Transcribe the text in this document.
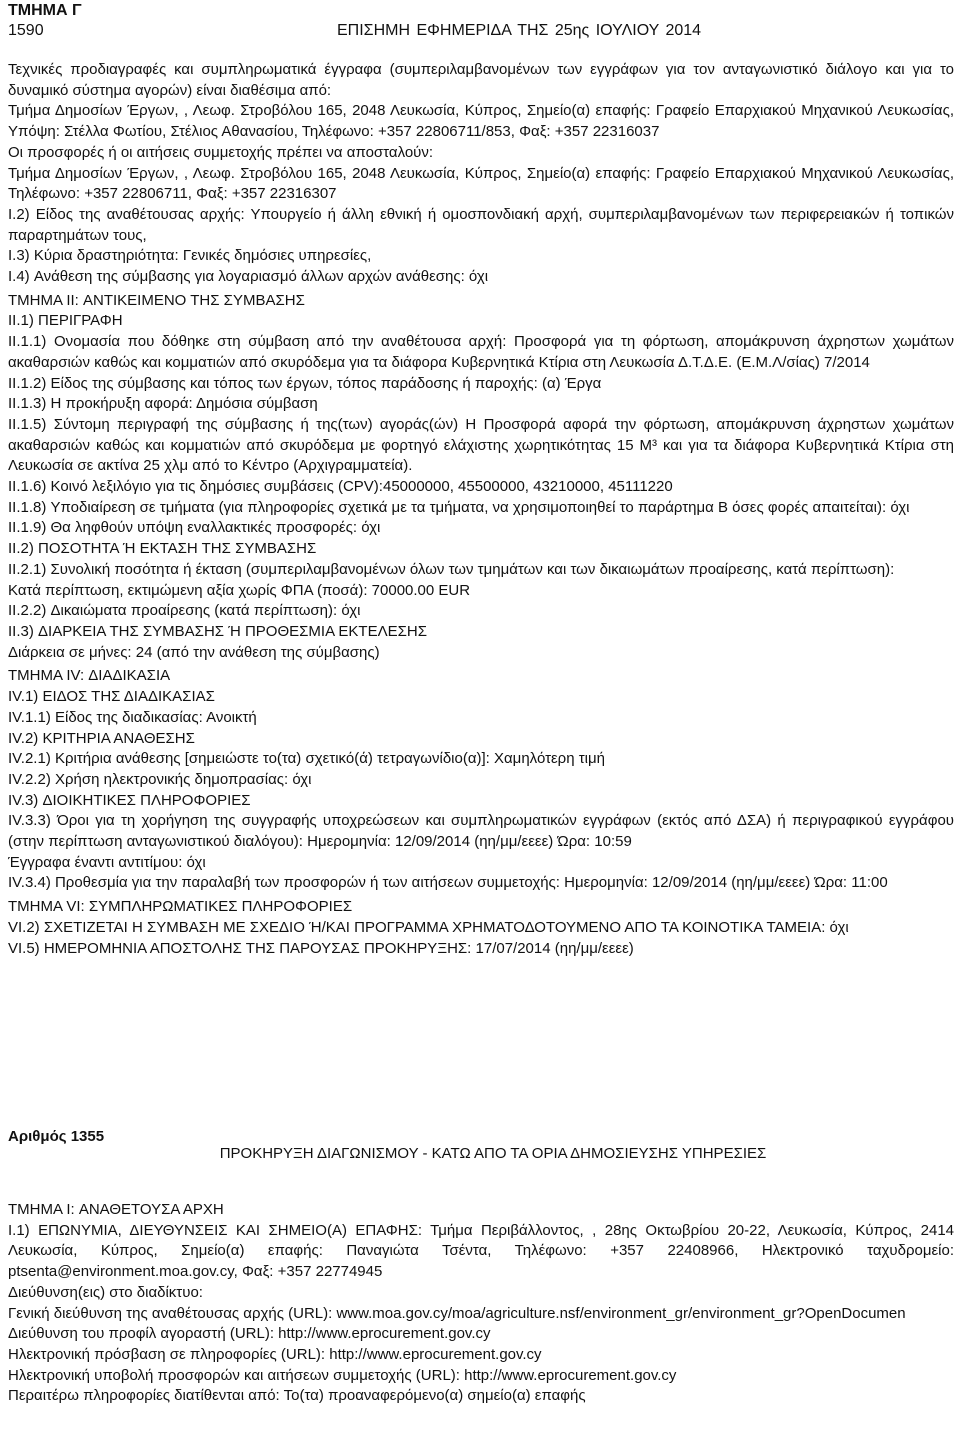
ΤΜΗΜΑ Γ
1590	ΕΠΙΣΗΜΗ ΕΦΗΜΕΡΙΔΑ ΤΗΣ 25ης ΙΟΥΛΙΟΥ 2014

Τεχνικές προδιαγραφές και συμπληρωματικά έγγραφα (συμπεριλαμβανομένων των εγγράφων για τον ανταγωνιστικό διάλογο και για το δυναμικό σύστημα αγορών) είναι διαθέσιμα από:

Τμήμα Δημοσίων Έργων, , Λεωφ. Στροβόλου 165, 2048 Λευκωσία, Κύπρος, Σημείο(α) επαφής: Γραφείο Επαρχιακού Μηχανικού Λευκωσίας, Υπόψη: Στέλλα Φωτίου, Στέλιος Αθανασίου, Τηλέφωνο: +357 22806711/853, Φαξ: +357 22316037

Οι προσφορές ή οι αιτήσεις συμμετοχής πρέπει να αποσταλούν:

Τμήμα Δημοσίων Έργων, , Λεωφ. Στροβόλου 165, 2048 Λευκωσία, Κύπρος, Σημείο(α) επαφής: Γραφείο Επαρχιακού Μηχανικού Λευκωσίας, Τηλέφωνο: +357 22806711, Φαξ: +357 22316307

I.2) Είδος της αναθέτουσας αρχής: Υπουργείο ή άλλη εθνική ή ομοσπονδιακή αρχή, συμπεριλαμβανομένων των περιφερειακών ή τοπικών παραρτημάτων τους,

I.3) Κύρια δραστηριότητα: Γενικές δημόσιες υπηρεσίες,

I.4) Ανάθεση της σύμβασης για λογαριασμό άλλων αρχών ανάθεσης: όχι

ΤΜΗΜΑ II: ΑΝΤΙΚΕΙΜΕΝΟ ΤΗΣ ΣΥΜΒΑΣΗΣ

II.1) ΠΕΡΙΓΡΑΦΗ

II.1.1) Ονομασία που δόθηκε στη σύμβαση από την αναθέτουσα αρχή: Προσφορά για τη φόρτωση, απομάκρυνση άχρηστων χωμάτων ακαθαρσιών καθώς και κομματιών από σκυρόδεμα για τα διάφορα Κυβερνητικά Κτίρια στη Λευκωσία Δ.Τ.Δ.Ε. (Ε.Μ.Λ/σίας) 7/2014

II.1.2) Είδος της σύμβασης και τόπος των έργων, τόπος παράδοσης ή παροχής: (α) Έργα

II.1.3) Η προκήρυξη αφορά: Δημόσια σύμβαση

II.1.5) Σύντομη περιγραφή της σύμβασης ή της(των) αγοράς(ών) Η Προσφορά αφορά την φόρτωση, απομάκρυνση άχρηστων χωμάτων ακαθαρσιών καθώς και κομματιών από σκυρόδεμα με φορτηγό ελάχιστης χωρητικότητας 15 M³ και για τα διάφορα Κυβερνητικά Κτίρια στη Λευκωσία σε ακτίνα 25 χλμ από το Κέντρο (Αρχιγραμματεία).

II.1.6) Κοινό λεξιλόγιο για τις δημόσιες συμβάσεις (CPV):45000000, 45500000, 43210000, 45111220

II.1.8) Υποδιαίρεση σε τμήματα (για πληροφορίες σχετικά με τα τμήματα, να χρησιμοποιηθεί το παράρτημα Β όσες φορές απαιτείται): όχι

II.1.9) Θα ληφθούν υπόψη εναλλακτικές προσφορές: όχι

II.2) ΠΟΣΟΤΗΤΑ Ή ΕΚΤΑΣΗ ΤΗΣ ΣΥΜΒΑΣΗΣ

II.2.1) Συνολική ποσότητα ή έκταση (συμπεριλαμβανομένων όλων των τμημάτων και των δικαιωμάτων προαίρεσης, κατά περίπτωση):

Κατά περίπτωση, εκτιμώμενη αξία χωρίς ΦΠΑ (ποσά): 70000.00 EUR

II.2.2) Δικαιώματα προαίρεσης (κατά περίπτωση): όχι

II.3) ΔΙΑΡΚΕΙΑ ΤΗΣ ΣΥΜΒΑΣΗΣ Ή ΠΡΟΘΕΣΜΙΑ ΕΚΤΕΛΕΣΗΣ

Διάρκεια σε μήνες: 24 (από την ανάθεση της σύμβασης)

ΤΜΗΜΑ IV: ΔΙΑΔΙΚΑΣΙΑ

IV.1) ΕΙΔΟΣ ΤΗΣ ΔΙΑΔΙΚΑΣΙΑΣ

IV.1.1) Είδος της διαδικασίας: Ανοικτή

IV.2) ΚΡΙΤΗΡΙΑ ΑΝΑΘΕΣΗΣ

IV.2.1) Κριτήρια ανάθεσης [σημειώστε το(τα) σχετικό(ά) τετραγωνίδιο(α)]: Χαμηλότερη τιμή

IV.2.2) Χρήση ηλεκτρονικής δημοπρασίας: όχι

IV.3) ΔΙΟΙΚΗΤΙΚΕΣ ΠΛΗΡΟΦΟΡΙΕΣ

IV.3.3) Όροι για τη χορήγηση της συγγραφής υποχρεώσεων και συμπληρωματικών εγγράφων (εκτός από ΔΣΑ) ή περιγραφικού εγγράφου (στην περίπτωση ανταγωνιστικού διαλόγου): Ημερομηνία: 12/09/2014 (ηη/μμ/εεεε) Ώρα: 10:59

Έγγραφα έναντι αντιτίμου: όχι

IV.3.4) Προθεσμία για την παραλαβή των προσφορών ή των αιτήσεων συμμετοχής: Ημερομηνία: 12/09/2014 (ηη/μμ/εεεε) Ώρα: 11:00

ΤΜΗΜΑ VI: ΣΥΜΠΛΗΡΩΜΑΤΙΚΕΣ ΠΛΗΡΟΦΟΡΙΕΣ

VI.2) ΣΧΕΤΙΖΕΤΑΙ Η ΣΥΜΒΑΣΗ ΜΕ ΣΧΕΔΙΟ Ή/ΚΑΙ ΠΡΟΓΡΑΜΜΑ ΧΡΗΜΑΤΟΔΟΤΟΥΜΕΝΟ ΑΠΟ ΤΑ ΚΟΙΝΟΤΙΚΑ ΤΑΜΕΙΑ: όχι

VI.5) ΗΜΕΡΟΜΗΝΙΑ ΑΠΟΣΤΟΛΗΣ ΤΗΣ ΠΑΡΟΥΣΑΣ ΠΡΟΚΗΡΥΞΗΣ: 17/07/2014 (ηη/μμ/εεεε)

Αριθμός 1355
ΠΡΟΚΗΡΥΞΗ ΔΙΑΓΩΝΙΣΜΟΥ - ΚΑΤΩ ΑΠΟ ΤΑ ΟΡΙΑ ΔΗΜΟΣΙΕΥΣΗΣ ΥΠΗΡΕΣΙΕΣ

ΤΜΗΜΑ I: ΑΝΑΘΕΤΟΥΣΑ ΑΡΧΗ

I.1) ΕΠΩΝΥΜΙΑ, ΔΙΕΥΘΥΝΣΕΙΣ ΚΑΙ ΣΗΜΕΙΟ(Α) ΕΠΑΦΗΣ: Τμήμα Περιβάλλοντος, , 28ης Οκτωβρίου 20-22, Λευκωσία, Κύπρος, 2414 Λευκωσία, Κύπρος, Σημείο(α) επαφής: Παναγιώτα Τσέντα, Τηλέφωνο: +357 22408966, Ηλεκτρονικό ταχυδρομείο: ptsenta@environment.moa.gov.cy, Φαξ: +357 22774945

Διεύθυνση(εις) στο διαδίκτυο:

Γενική διεύθυνση της αναθέτουσας αρχής (URL): www.moa.gov.cy/moa/agriculture.nsf/environment_gr/environment_gr?OpenDocumen

Διεύθυνση του προφίλ αγοραστή (URL): http://www.eprocurement.gov.cy

Ηλεκτρονική πρόσβαση σε πληροφορίες (URL): http://www.eprocurement.gov.cy

Ηλεκτρονική υποβολή προσφορών και αιτήσεων συμμετοχής (URL): http://www.eprocurement.gov.cy

Περαιτέρω πληροφορίες διατίθενται από: Το(τα) προαναφερόμενο(α) σημείο(α) επαφής
